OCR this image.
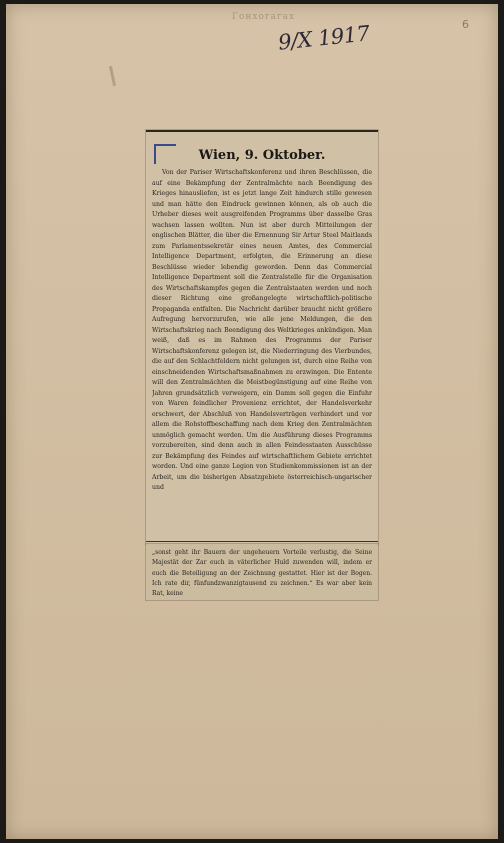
Гонхогагах
9/X 1917	6
Wien, 9. Oktober.

Von der Pariser Wirtschaftskonferenz und ihren Beschlüssen, die auf eine Bekämpfung der Zentralmächte nach Beendigung des Krieges hinausliefen, ist es jetzt lange Zeit hindurch stille gewesen und man hätte den Eindruck gewinnen können, als ob auch die Urheber dieses weit ausgreifenden Programms über dasselbe Gras wachsen lassen wollten. Nun ist aber durch Mitteilungen der englischen Blätter, die über die Ernennung Sir Artur Steel Maitlands zum Parlamentssekretär eines neuen Amtes, des Commercial Intelligence Department, erfolgten, die Erinnerung an diese Beschlüsse wieder lebendig geworden. Denn das Commercial Intelligence Department soll die Zentralstelle für die Organisation des Wirtschaftskampfes gegen die Zentralstaaten werden und noch dieser Richtung eine großangelegte wirtschaftlich-politische Propaganda entfalten. Die Nachricht darüber braucht nicht größere Aufregung hervorzurufen, wie alle jene Meldungen, die den Wirtschaftskrieg nach Beendigung des Weltkrieges ankündigen. Man weiß, daß es im Rahmen des Programms der Pariser Wirtschaftskonferenz gelegen ist, die Niederringung des Vierbundes, die auf den Schlachtfeldern nicht gelungen ist, durch eine Reihe von einschneidenden Wirtschaftsmaßnahmen zu erzwingen. Die Entente will den Zentralmächten die Meistbegünstigung auf eine Reihe von Jahren grundsätzlich verweigern, ein Damm soll gegen die Einfuhr von Waren feindlicher Provenienz errichtet, der Handelsverkehr erschwert, der Abschluß von Handelsverträgen verhindert und vor allem die Rohstoffbeschaffung nach dem Krieg den Zentralmächten unmöglich gemacht werden. Um die Ausführung dieses Programms vorzubereiten, sind denn auch in allen Feindesstaaten Ausschüsse zur Bekämpfung des Feindes auf wirtschaftlichem Gebiete errichtet worden. Und eine ganze Legion von Studienkommissionen ist an der Arbeit, um die bisherigen Absatzgebiete österreichisch-ungarischer und

„sonst geht ihr Bauern der ungeheuern Vorteile verlustig, die Seine Majestät der Zar euch in väterlicher Huld zuwenden will, indem er euch die Beteiligung an der Zeichnung gestattet. Hier ist der Bogen. Ich rate dir, fünfundzwanzigtausend zu zeichnen.“ Es war aber kein Rat, keine
